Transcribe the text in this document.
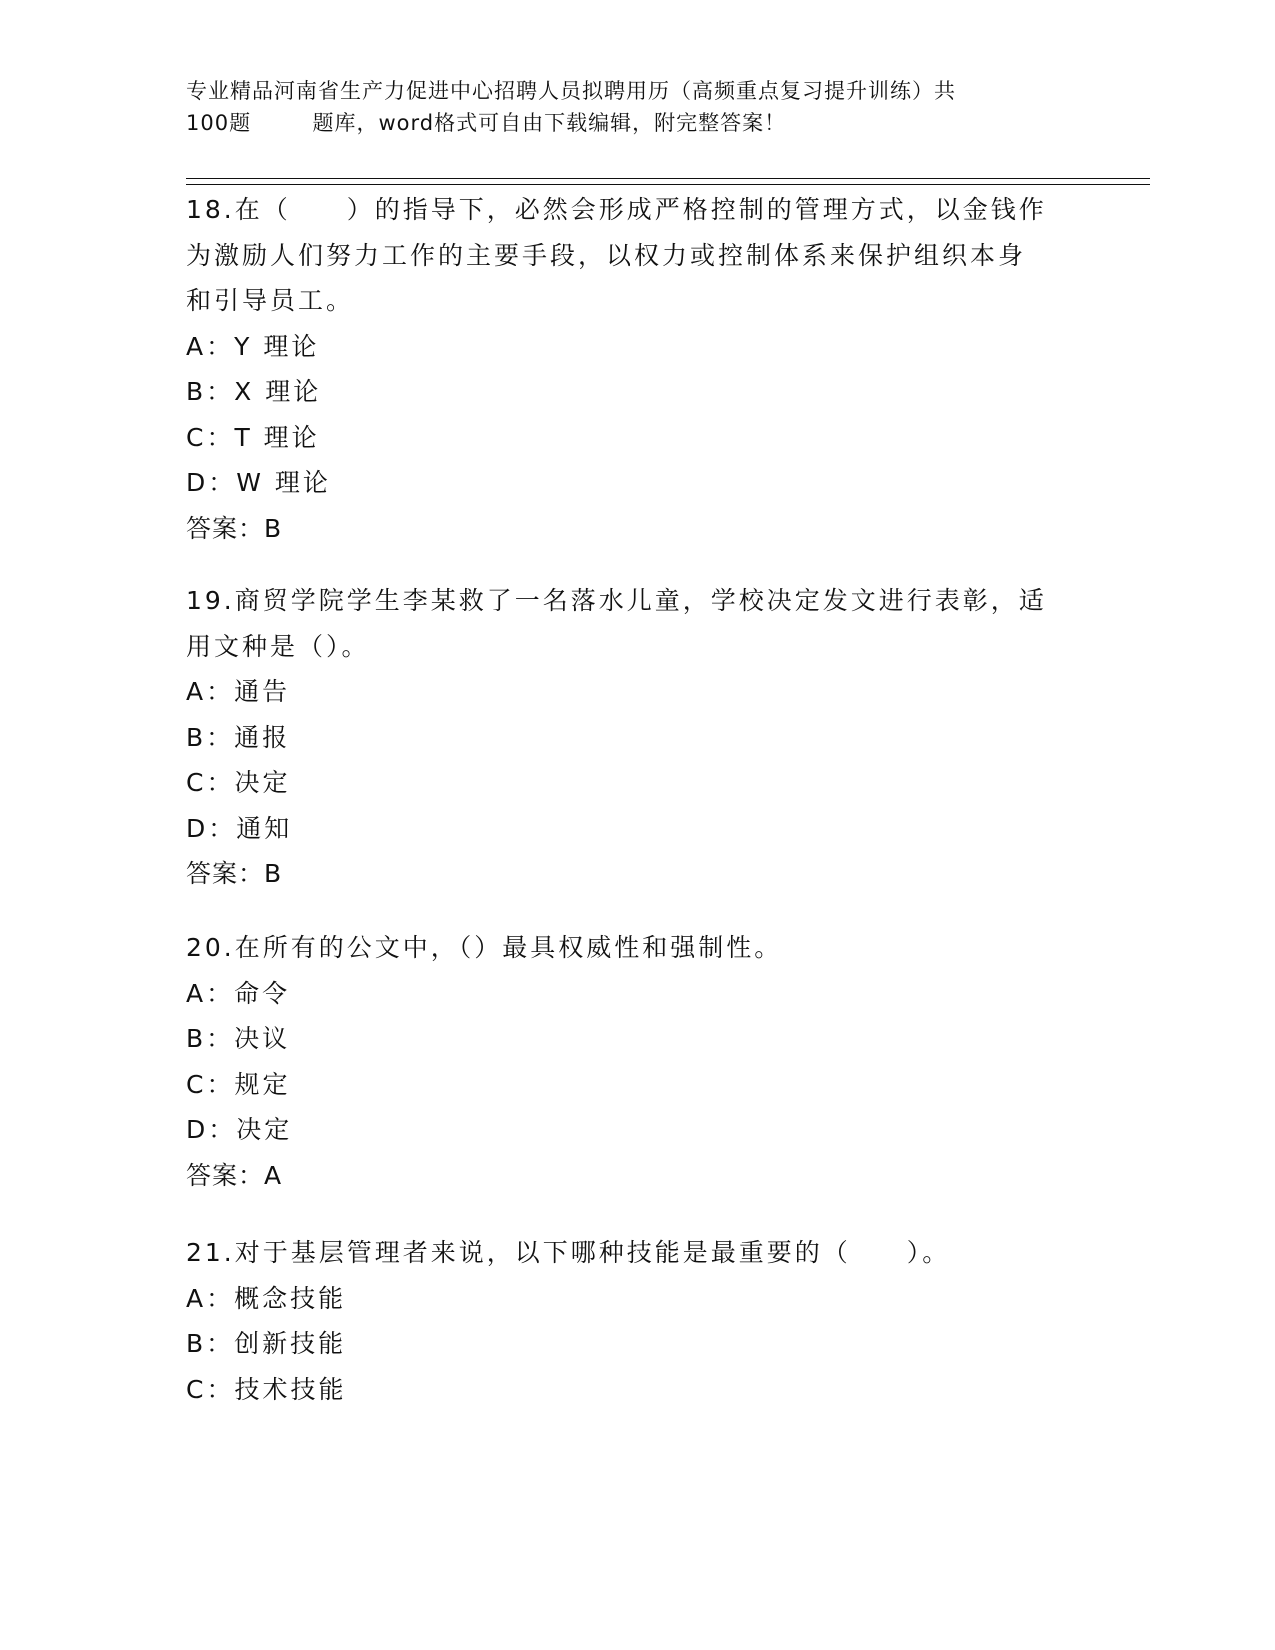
专业精品河南省生产力促进中心招聘人员拟聘用历（高频重点复习提升训练）共
100题        题库，word格式可自由下载编辑，附完整答案！
18.在（　　）的指导下，必然会形成严格控制的管理方式，以金钱作
为激励人们努力工作的主要手段，以权力或控制体系来保护组织本身
和引导员工。
A：Y 理论
B：X 理论
C：T 理论
D：W 理论
答案：B
19.商贸学院学生李某救了一名落水儿童，学校决定发文进行表彰，适
用文种是（）。
A：通告
B：通报
C：决定
D：通知
答案：B
20.在所有的公文中，（）最具权威性和强制性。
A：命令
B：决议
C：规定
D：决定
答案：A
21.对于基层管理者来说，以下哪种技能是最重要的（　　）。
A：概念技能
B：创新技能
C：技术技能
